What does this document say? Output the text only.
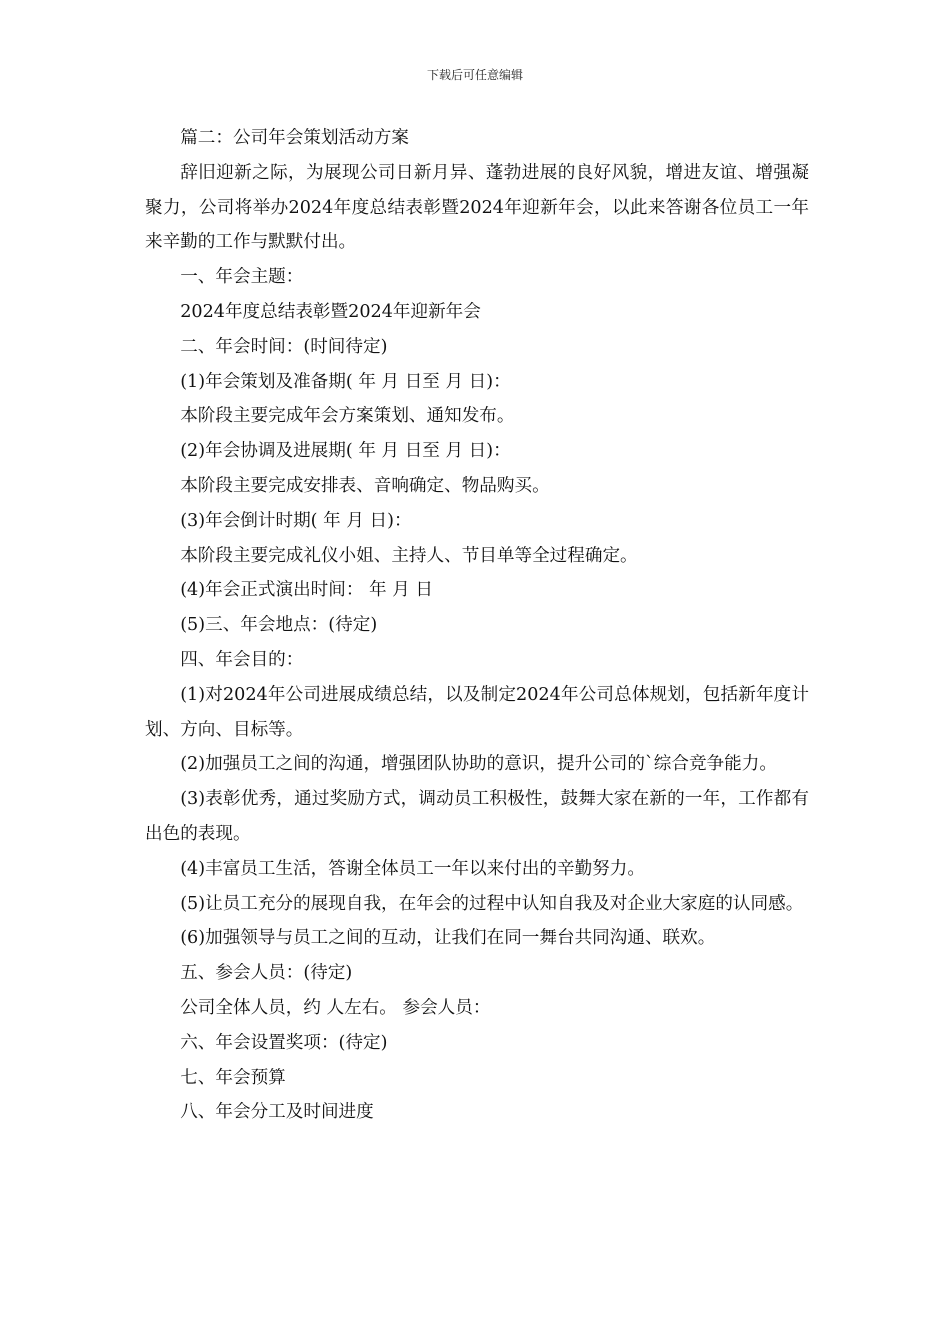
下载后可任意编辑

篇二：公司年会策划活动方案

辞旧迎新之际，为展现公司日新月异、蓬勃进展的良好风貌，增进友谊、增强凝聚力，公司将举办2024年度总结表彰暨2024年迎新年会，以此来答谢各位员工一年来辛勤的工作与默默付出。

一、年会主题：

2024年度总结表彰暨2024年迎新年会

二、年会时间：(时间待定)

(1)年会策划及准备期( 年 月 日至 月 日)：

本阶段主要完成年会方案策划、通知发布。

(2)年会协调及进展期( 年 月 日至 月 日)：

本阶段主要完成安排表、音响确定、物品购买。

(3)年会倒计时期( 年 月 日)：

本阶段主要完成礼仪小姐、主持人、节目单等全过程确定。

(4)年会正式演出时间： 年 月 日

(5)三、年会地点：(待定)

四、年会目的：

(1)对2024年公司进展成绩总结，以及制定2024年公司总体规划，包括新年度计划、方向、目标等。

(2)加强员工之间的沟通，增强团队协助的意识，提升公司的`综合竞争能力。

(3)表彰优秀，通过奖励方式，调动员工积极性，鼓舞大家在新的一年，工作都有出色的表现。

(4)丰富员工生活，答谢全体员工一年以来付出的辛勤努力。

(5)让员工充分的展现自我，在年会的过程中认知自我及对企业大家庭的认同感。

(6)加强领导与员工之间的互动，让我们在同一舞台共同沟通、联欢。

五、参会人员：(待定)

公司全体人员，约 人左右。 参会人员：

六、年会设置奖项：(待定)

七、年会预算

八、年会分工及时间进度
